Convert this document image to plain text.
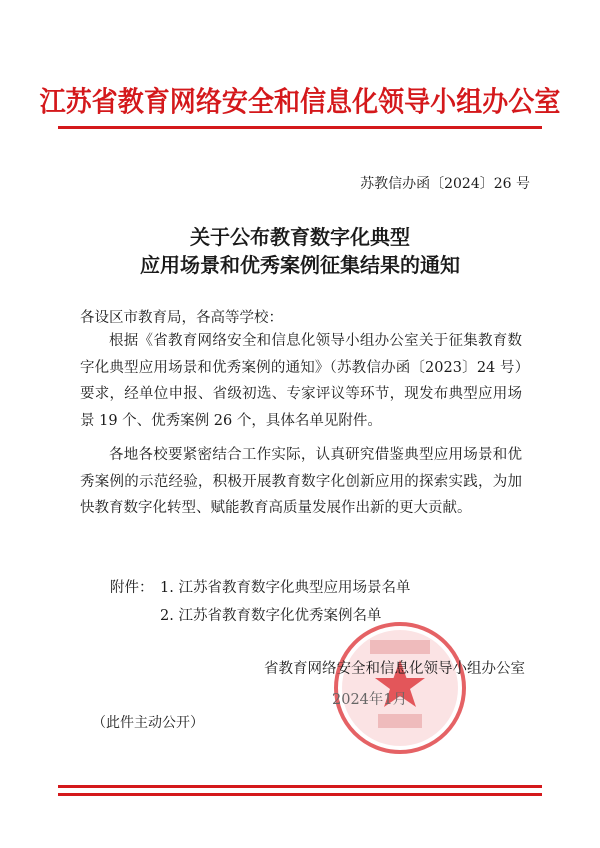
江苏省教育网络安全和信息化领导小组办公室
苏教信办函〔2024〕26 号
关于公布教育数字化典型
应用场景和优秀案例征集结果的通知
各设区市教育局，各高等学校：
根据《省教育网络安全和信息化领导小组办公室关于征集教育数字化典型应用场景和优秀案例的通知》（苏教信办函〔2023〕24 号）要求，经单位申报、省级初选、专家评议等环节，现发布典型应用场景 19 个、优秀案例 26 个，具体名单见附件。
各地各校要紧密结合工作实际，认真研究借鉴典型应用场景和优秀案例的示范经验，积极开展教育数字化创新应用的探索实践，为加快教育数字化转型、赋能教育高质量发展作出新的更大贡献。
附件： 1. 江苏省教育数字化典型应用场景名单
2. 江苏省教育数字化优秀案例名单
省教育网络安全和信息化领导小组办公室
2024年1月
（此件主动公开）
